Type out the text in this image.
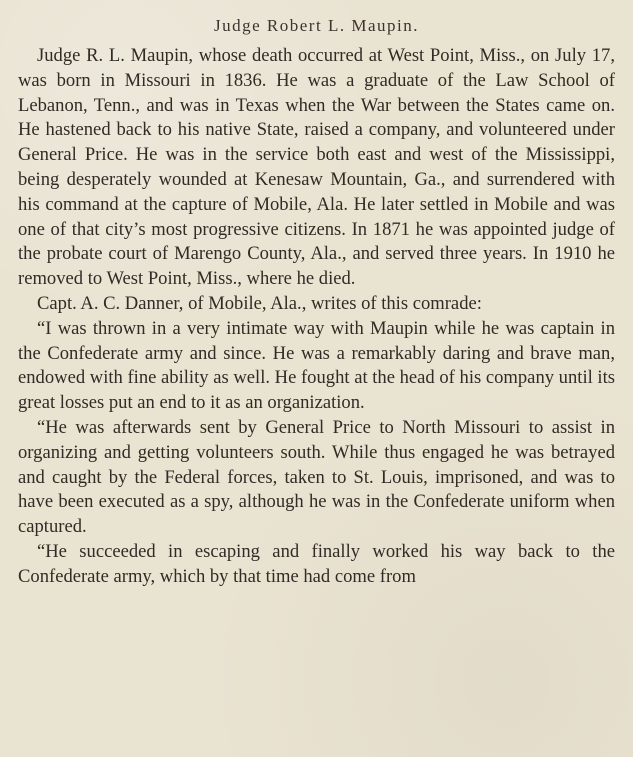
Judge Robert L. Maupin.

Judge R. L. Maupin, whose death occurred at West Point, Miss., on July 17, was born in Missouri in 1836. He was a graduate of the Law School of Lebanon, Tenn., and was in Texas when the War between the States came on. He hastened back to his native State, raised a company, and volunteered under General Price. He was in the service both east and west of the Mississippi, being desperately wounded at Kenesaw Mountain, Ga., and surrendered with his command at the capture of Mobile, Ala. He later settled in Mobile and was one of that city’s most progressive citizens. In 1871 he was appointed judge of the probate court of Marengo County, Ala., and served three years. In 1910 he removed to West Point, Miss., where he died.

Capt. A. C. Danner, of Mobile, Ala., writes of this comrade:

“I was thrown in a very intimate way with Maupin while he was captain in the Confederate army and since. He was a remarkably daring and brave man, endowed with fine ability as well. He fought at the head of his company until its great losses put an end to it as an organization.

“He was afterwards sent by General Price to North Missouri to assist in organizing and getting volunteers south. While thus engaged he was betrayed and caught by the Federal forces, taken to St. Louis, imprisoned, and was to have been executed as a spy, although he was in the Confederate uniform when captured.

“He succeeded in escaping and finally worked his way back to the Confederate army, which by that time had come from
